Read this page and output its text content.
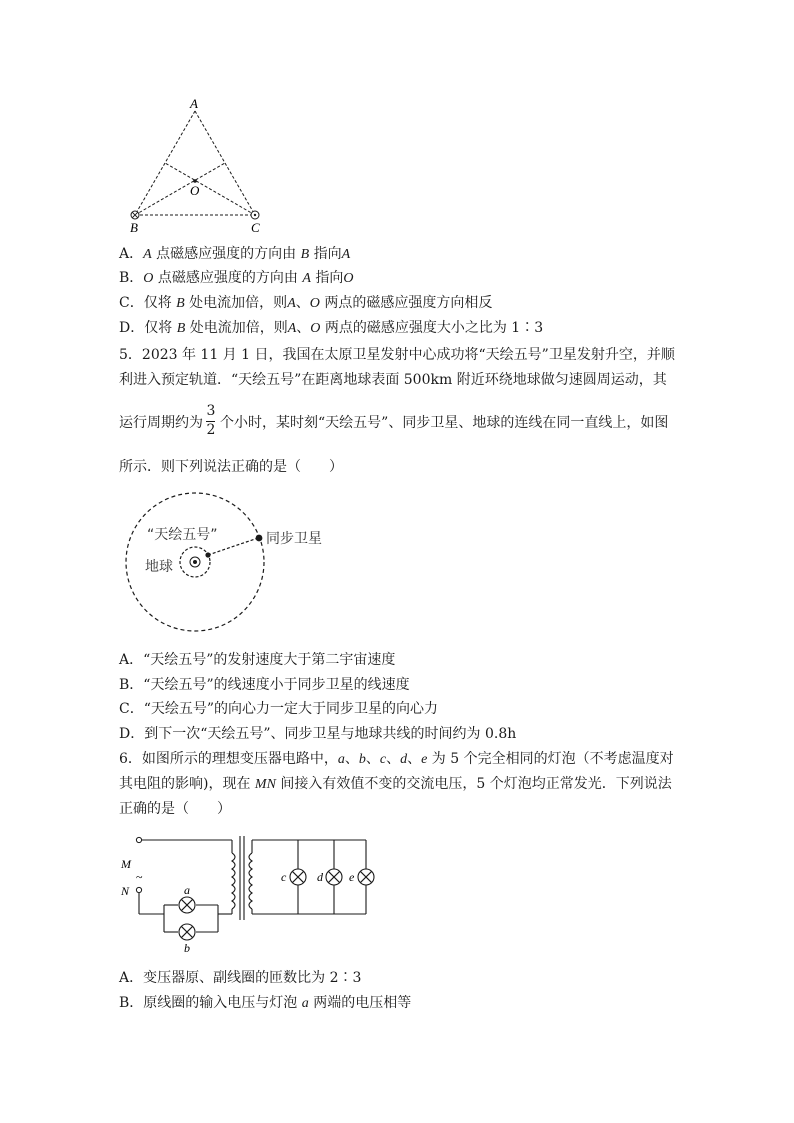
A
B	C
O
A．A 点磁感应强度的方向由 B 指向A
B．O 点磁感应强度的方向由 A 指向O
C．仅将 B 处电流加倍，则A、O 两点的磁感应强度方向相反
D．仅将 B 处电流加倍，则A、O 两点的磁感应强度大小之比为 1∶3
5．2023 年 11 月 1 日，我国在太原卫星发射中心成功将“天绘五号”卫星发射升空，并顺
利进入预定轨道．“天绘五号”在距离地球表面 500km 附近环绕地球做匀速圆周运动，其
运行周期约为
3
2 个小时，某时刻“天绘五号”、同步卫星、地球的连线在同一直线上，如图
所示．则下列说法正确的是（　　）
“天绘五号”	同步卫星
地球
A．“天绘五号”的发射速度大于第二宇宙速度
B．“天绘五号”的线速度小于同步卫星的线速度
C．“天绘五号”的向心力一定大于同步卫星的向心力
D．到下一次“天绘五号”、同步卫星与地球共线的时间约为 0.8h
6．如图所示的理想变压器电路中，a、b、c、d、e 为 5 个完全相同的灯泡（不考虑温度对
其电阻的影响)，现在 MN 间接入有效值不变的交流电压，5 个灯泡均正常发光．下列说法
正确的是（　　）
M
~
N	a
b
c	d e
A．变压器原、副线圈的匝数比为 2∶3
B．原线圈的输入电压与灯泡 a 两端的电压相等
